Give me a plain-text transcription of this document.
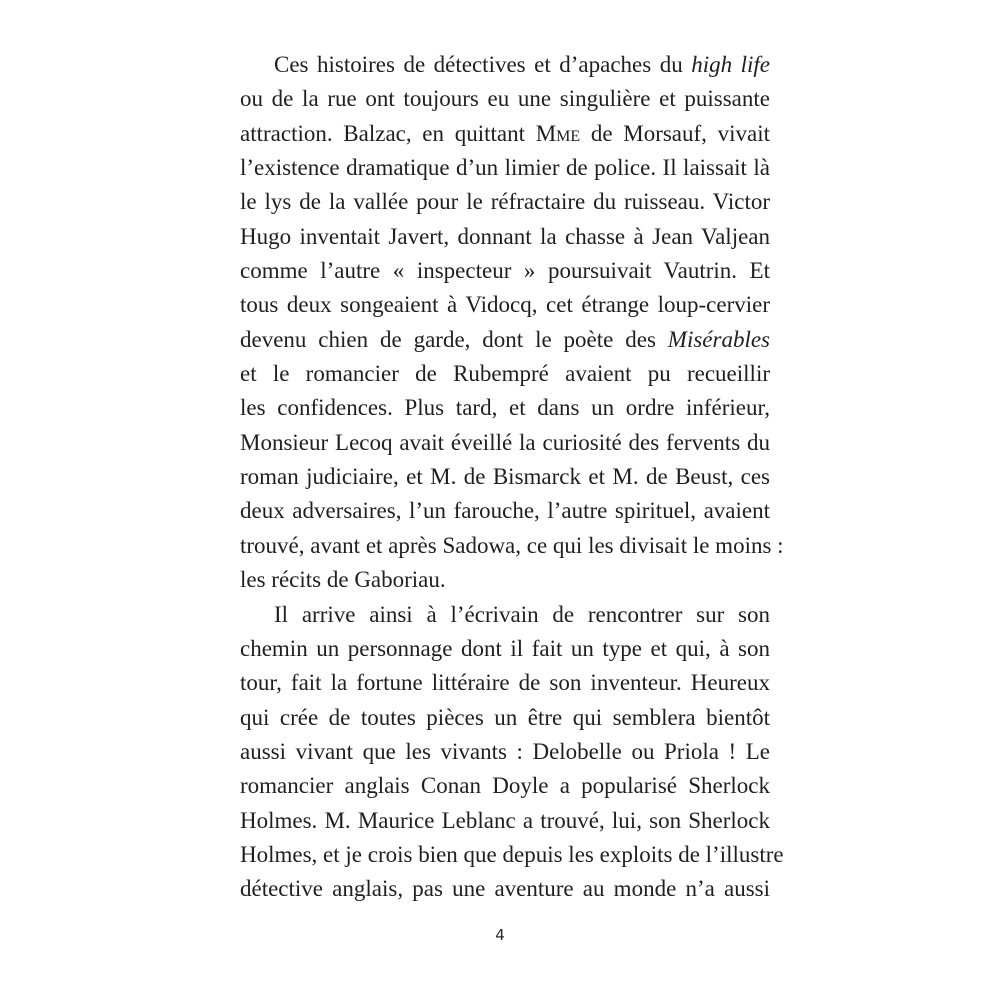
Ces histoires de détectives et d’apaches du high life
ou de la rue ont toujours eu une singulière et puissante
attraction. Balzac, en quittant Mme de Morsauf, vivait
l’existence dramatique d’un limier de police. Il laissait là
le lys de la vallée pour le réfractaire du ruisseau. Victor
Hugo inventait Javert, donnant la chasse à Jean Valjean
comme l’autre « inspecteur » poursuivait Vautrin. Et
tous deux songeaient à Vidocq, cet étrange loup-cervier
devenu chien de garde, dont le poète des Misérables
et le romancier de Rubempré avaient pu recueillir
les confidences. Plus tard, et dans un ordre inférieur,
Monsieur Lecoq avait éveillé la curiosité des fervents du
roman judiciaire, et M. de Bismarck et M. de Beust, ces
deux adversaires, l’un farouche, l’autre spirituel, avaient
trouvé, avant et après Sadowa, ce qui les divisait le moins :
les récits de Gaboriau.
Il arrive ainsi à l’écrivain de rencontrer sur son
chemin un personnage dont il fait un type et qui, à son
tour, fait la fortune littéraire de son inventeur. Heureux
qui crée de toutes pièces un être qui semblera bientôt
aussi vivant que les vivants : Delobelle ou Priola ! Le
romancier anglais Conan Doyle a popularisé Sherlock
Holmes. M. Maurice Leblanc a trouvé, lui, son Sherlock
Holmes, et je crois bien que depuis les exploits de l’illustre
détective anglais, pas une aventure au monde n’a aussi
4
